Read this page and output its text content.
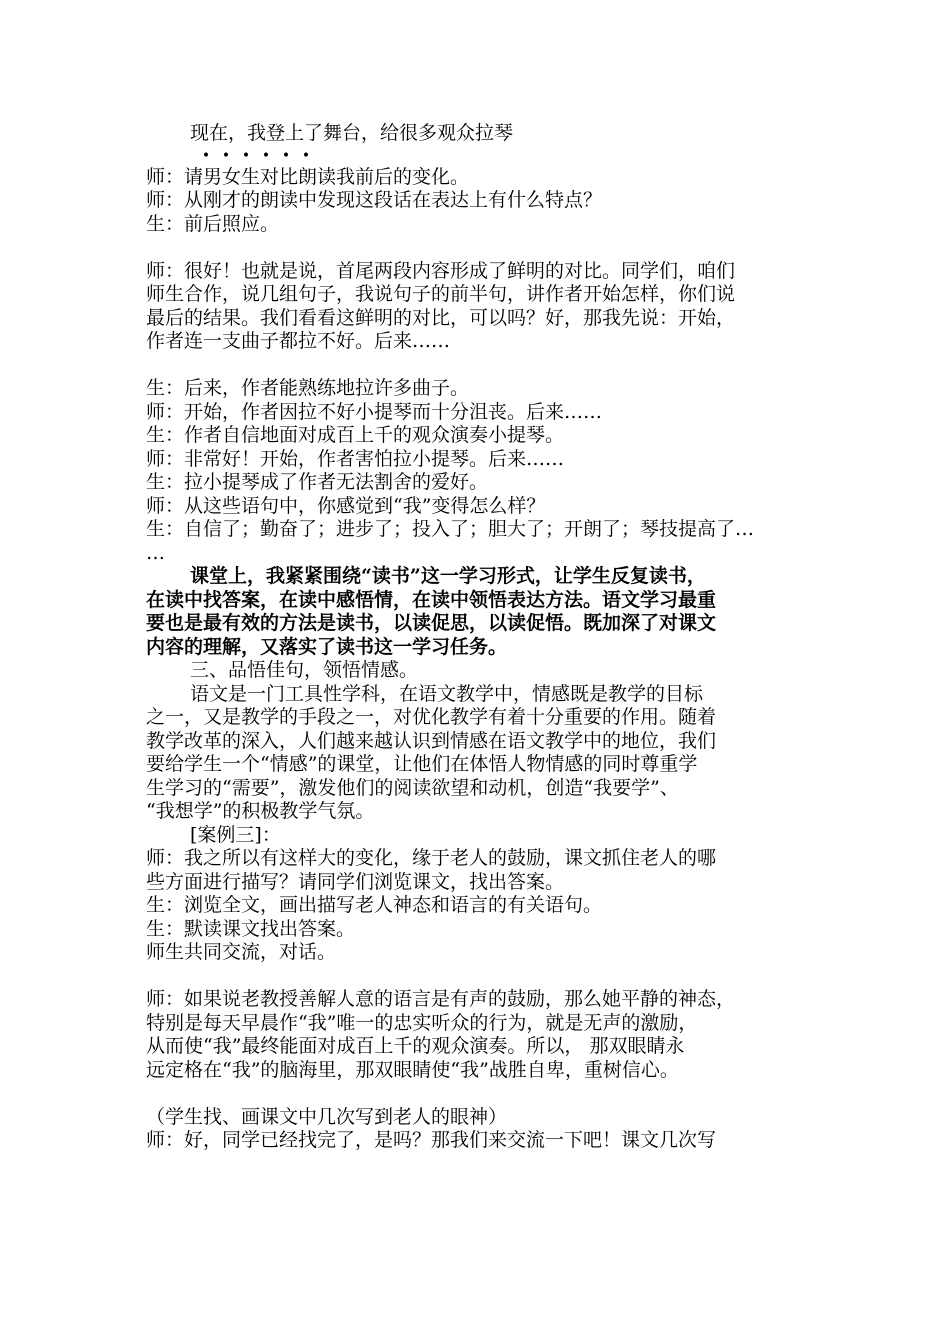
现在，我登上了舞台，给很多观众拉琴
• • • • • •
师：请男女生对比朗读我前后的变化。
师：从刚才的朗读中发现这段话在表达上有什么特点？
生：前后照应。
师：很好！也就是说，首尾两段内容形成了鲜明的对比。同学们，咱们
师生合作，说几组句子，我说句子的前半句，讲作者开始怎样，你们说
最后的结果。我们看看这鲜明的对比，可以吗？好，那我先说：开始，
作者连一支曲子都拉不好。后来……
生：后来，作者能熟练地拉许多曲子。
师：开始，作者因拉不好小提琴而十分沮丧。后来……
生：作者自信地面对成百上千的观众演奏小提琴。
师：非常好！开始，作者害怕拉小提琴。后来……
生：拉小提琴成了作者无法割舍的爱好。
师：从这些语句中，你感觉到“我”变得怎么样？
生：自信了；勤奋了；进步了；投入了；胆大了；开朗了；琴技提高了…
…
课堂上，我紧紧围绕“读书”这一学习形式，让学生反复读书，
在读中找答案，在读中感悟情，在读中领悟表达方法。语文学习最重
要也是最有效的方法是读书，以读促思，以读促悟。既加深了对课文
内容的理解，又落实了读书这一学习任务。
三、品悟佳句，领悟情感。
语文是一门工具性学科，在语文教学中，情感既是教学的目标
之一，又是教学的手段之一，对优化教学有着十分重要的作用。随着
教学改革的深入，人们越来越认识到情感在语文教学中的地位，我们
要给学生一个“情感”的课堂，让他们在体悟人物情感的同时尊重学
生学习的“需要”，激发他们的阅读欲望和动机，创造“我要学”、
“我想学”的积极教学气氛。
[案例三]：
师：我之所以有这样大的变化，缘于老人的鼓励，课文抓住老人的哪
些方面进行描写？请同学们浏览课文，找出答案。
生：浏览全文，画出描写老人神态和语言的有关语句。
生：默读课文找出答案。
师生共同交流，对话。
师：如果说老教授善解人意的语言是有声的鼓励，那么她平静的神态，
特别是每天早晨作“我”唯一的忠实听众的行为，就是无声的激励，
从而使“我”最终能面对成百上千的观众演奏。所以， 那双眼睛永
远定格在“我”的脑海里，那双眼睛使“我”战胜自卑，重树信心。
（学生找、画课文中几次写到老人的眼神）
师：好，同学已经找完了，是吗？那我们来交流一下吧！课文几次写
